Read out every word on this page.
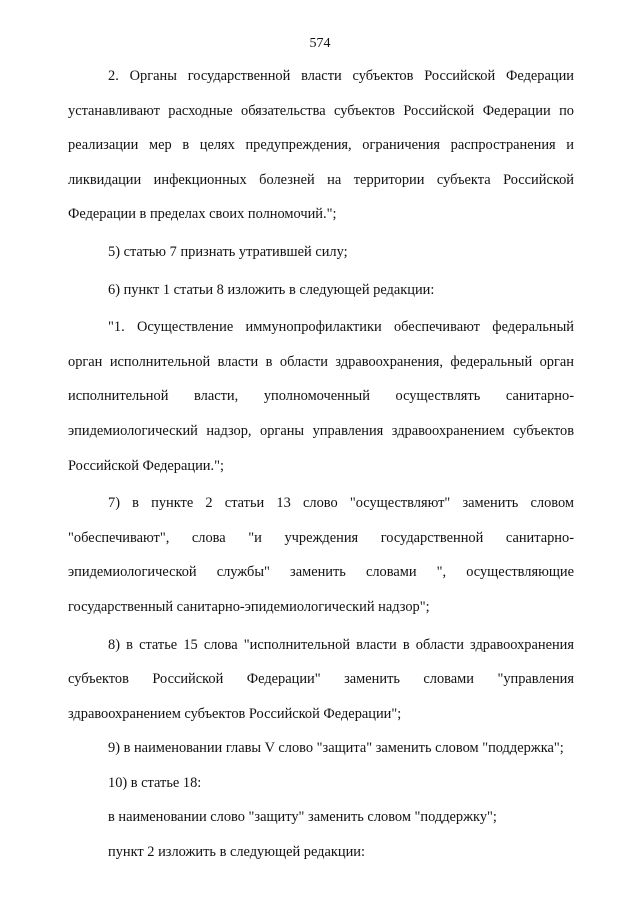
574

2. Органы государственной власти субъектов Российской Федерации устанавливают расходные обязательства субъектов Российской Федерации по реализации мер в целях предупреждения, ограничения распространения и ликвидации инфекционных болезней на территории субъекта Российской Федерации в пределах своих полномочий.";

5) статью 7 признать утратившей силу;

6) пункт 1 статьи 8 изложить в следующей редакции:

"1. Осуществление иммунопрофилактики обеспечивают федеральный орган исполнительной власти в области здравоохранения, федеральный орган исполнительной власти, уполномоченный осуществлять санитарно-эпидемиологический надзор, органы управления здравоохранением субъектов Российской Федерации.";

7) в пункте 2 статьи 13 слово "осуществляют" заменить словом "обеспечивают", слова "и учреждения государственной санитарно-эпидемиологической службы" заменить словами ", осуществляющие государственный санитарно-эпидемиологический надзор";

8) в статье 15 слова "исполнительной власти в области здравоохранения субъектов Российской Федерации" заменить словами "управления здравоохранением субъектов Российской Федерации";

9) в наименовании главы V слово "защита" заменить словом "поддержка";

10) в статье 18:

в наименовании слово "защиту" заменить словом "поддержку";

пункт 2 изложить в следующей редакции:
